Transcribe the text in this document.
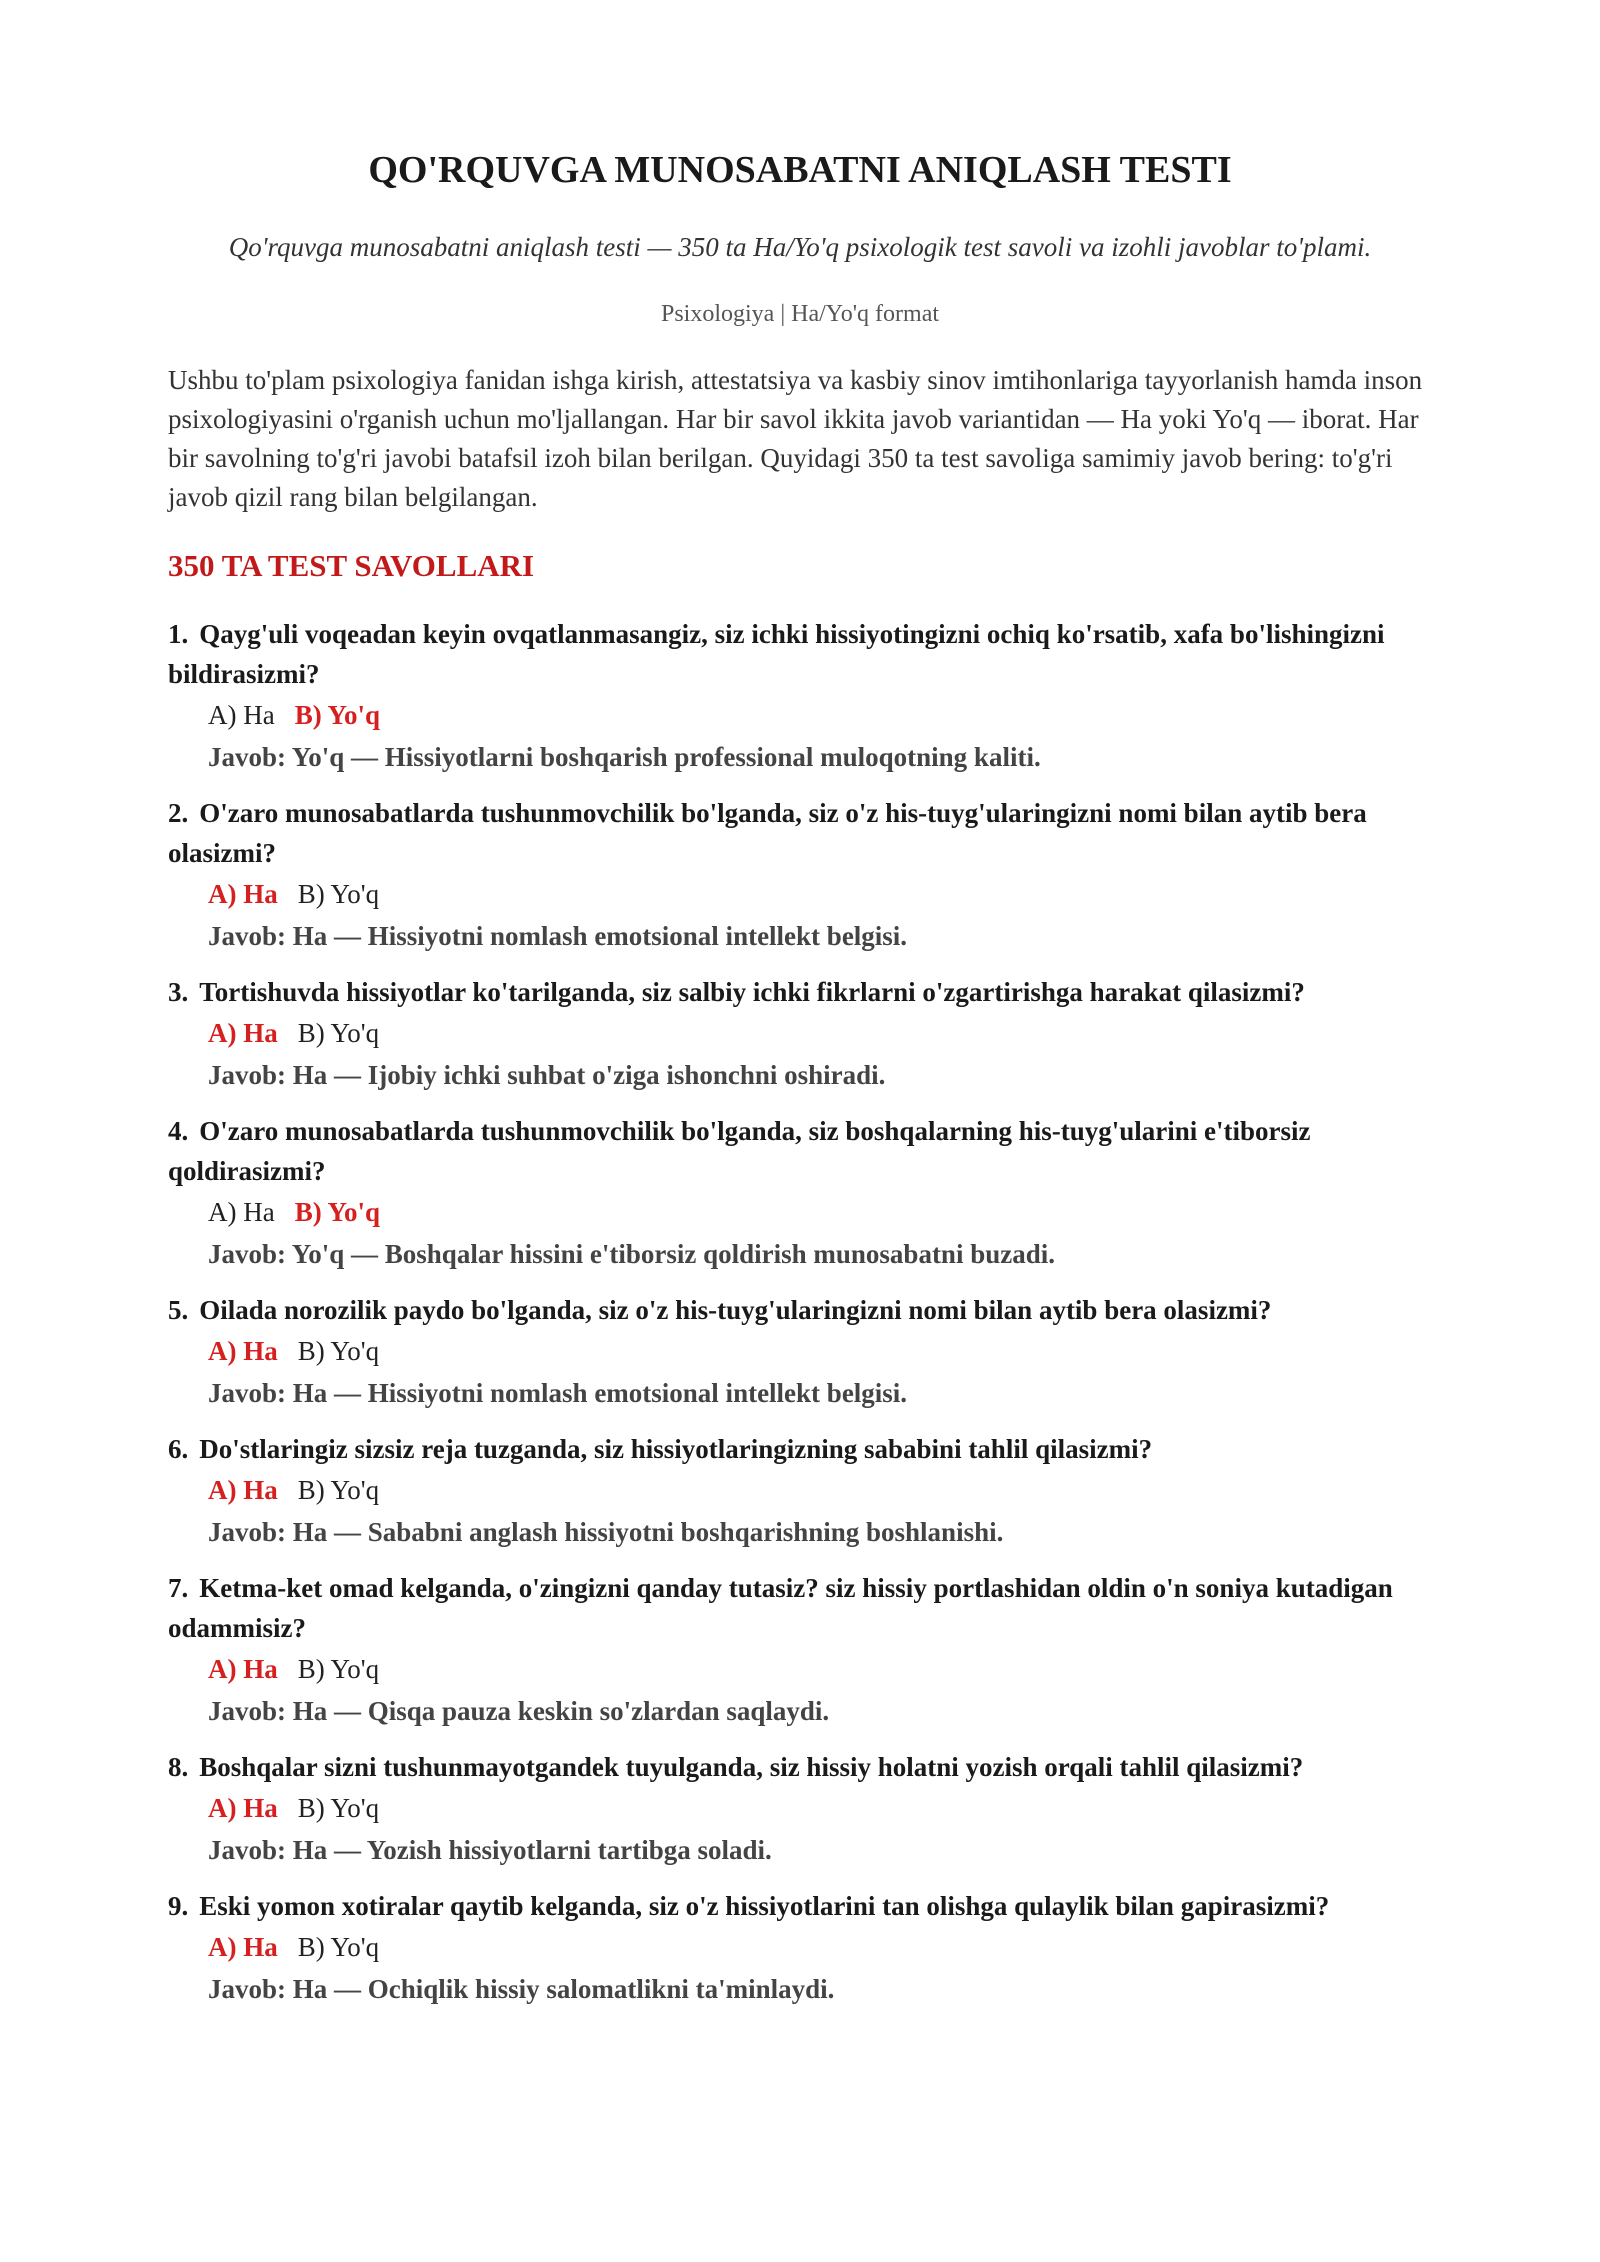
QO'RQUVGA MUNOSABATNI ANIQLASH TESTI
Qo'rquvga munosabatni aniqlash testi — 350 ta Ha/Yo'q psixologik test savoli va izohli javoblar to'plami.
Psixologiya | Ha/Yo'q format

Ushbu to'plam psixologiya fanidan ishga kirish, attestatsiya va kasbiy sinov imtihonlariga tayyorlanish hamda inson psixologiyasini o'rganish uchun mo'ljallangan. Har bir savol ikkita javob variantidan — Ha yoki Yo'q — iborat. Har bir savolning to'g'ri javobi batafsil izoh bilan berilgan. Quyidagi 350 ta test savoliga samimiy javob bering: to'g'ri javob qizil rang bilan belgilangan.

350 TA TEST SAVOLLARI
1. Qayg'uli voqeadan keyin ovqatlanmasangiz, siz ichki hissiyotingizni ochiq ko'rsatib, xafa bo'lishingizni bildirasizmi?
A) Ha B) Yo'q
Javob: Yo'q — Hissiyotlarni boshqarish professional muloqotning kaliti.
2. O'zaro munosabatlarda tushunmovchilik bo'lganda, siz o'z his-tuyg'ularingizni nomi bilan aytib bera olasizmi?
A) Ha B) Yo'q
Javob: Ha — Hissiyotni nomlash emotsional intellekt belgisi.
3. Tortishuvda hissiyotlar ko'tarilganda, siz salbiy ichki fikrlarni o'zgartirishga harakat qilasizmi?
A) Ha B) Yo'q
Javob: Ha — Ijobiy ichki suhbat o'ziga ishonchni oshiradi.
4. O'zaro munosabatlarda tushunmovchilik bo'lganda, siz boshqalarning his-tuyg'ularini e'tiborsiz qoldirasizmi?
A) Ha B) Yo'q
Javob: Yo'q — Boshqalar hissini e'tiborsiz qoldirish munosabatni buzadi.
5. Oilada norozilik paydo bo'lganda, siz o'z his-tuyg'ularingizni nomi bilan aytib bera olasizmi?
A) Ha B) Yo'q
Javob: Ha — Hissiyotni nomlash emotsional intellekt belgisi.
6. Do'stlaringiz sizsiz reja tuzganda, siz hissiyotlaringizning sababini tahlil qilasizmi?
A) Ha B) Yo'q
Javob: Ha — Sababni anglash hissiyotni boshqarishning boshlanishi.
7. Ketma-ket omad kelganda, o'zingizni qanday tutasiz? siz hissiy portlashidan oldin o'n soniya kutadigan odammisiz?
A) Ha B) Yo'q
Javob: Ha — Qisqa pauza keskin so'zlardan saqlaydi.
8. Boshqalar sizni tushunmayotgandek tuyulganda, siz hissiy holatni yozish orqali tahlil qilasizmi?
A) Ha B) Yo'q
Javob: Ha — Yozish hissiyotlarni tartibga soladi.
9. Eski yomon xotiralar qaytib kelganda, siz o'z hissiyotlarini tan olishga qulaylik bilan gapirasizmi?
A) Ha B) Yo'q
Javob: Ha — Ochiqlik hissiy salomatlikni ta'minlaydi.
